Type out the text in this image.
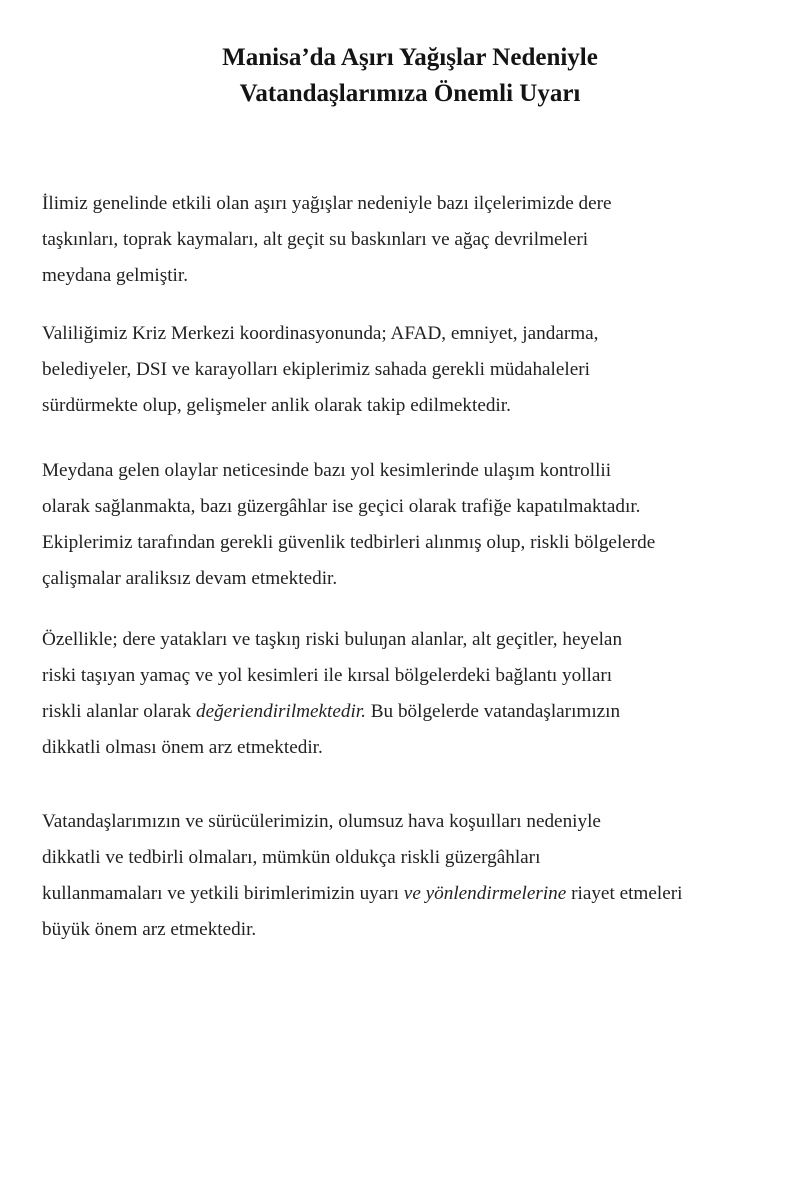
Manisa’da Aşırı Yağışlar Nedeniyle
Vatandaşlarımıza Önemli Uyarı

İlimiz genelinde etkili olan aşırı yağışlar nedeniyle bazı ilçelerimizde dere
taşkınları, toprak kaymaları, alt geçit su baskınları ve ağaç devrilmeleri
meydana gelmiştir.

Valiliğimiz Kriz Merkezi koordinasyonunda; AFAD, emniyet, jandarma,
belediyeler, DSI ve karayolları ekiplerimiz sahada gerekli müdahaleleri
sürdürmekte olup, gelişmeler anlik olarak takip edilmektedir.

Meydana gelen olaylar neticesinde bazı yol kesimlerinde ulaşım kontrollii
olarak sağlanmakta, bazı güzergâhlar ise geçici olarak trafiğe kapatılmaktadır.
Ekiplerimiz tarafından gerekli güvenlik tedbirleri alınmış olup, riskli bölgelerde
çalişmalar araliksız devam etmektedir.

Özellikle; dere yatakları ve taşkıŋ riski buluŋan alanlar, alt geçitler, heyelan
riski taşıyan yamaç ve yol kesimleri ile kırsal bölgelerdeki bağlantı yolları
riskli alanlar olarak değeriendirilmektedir. Bu bölgelerde vatandaşlarımızın
dikkatli olması önem arz etmektedir.

Vatandaşlarımızın ve sürücülerimizin, olumsuz hava koşuılları nedeniyle
dikkatli ve tedbirli olmaları, mümkün oldukça riskli güzergâhları
kullanmamaları ve yetkili birimlerimizin uyarı ve yönlendirmelerine riayet etmeleri
büyük önem arz etmektedir.
